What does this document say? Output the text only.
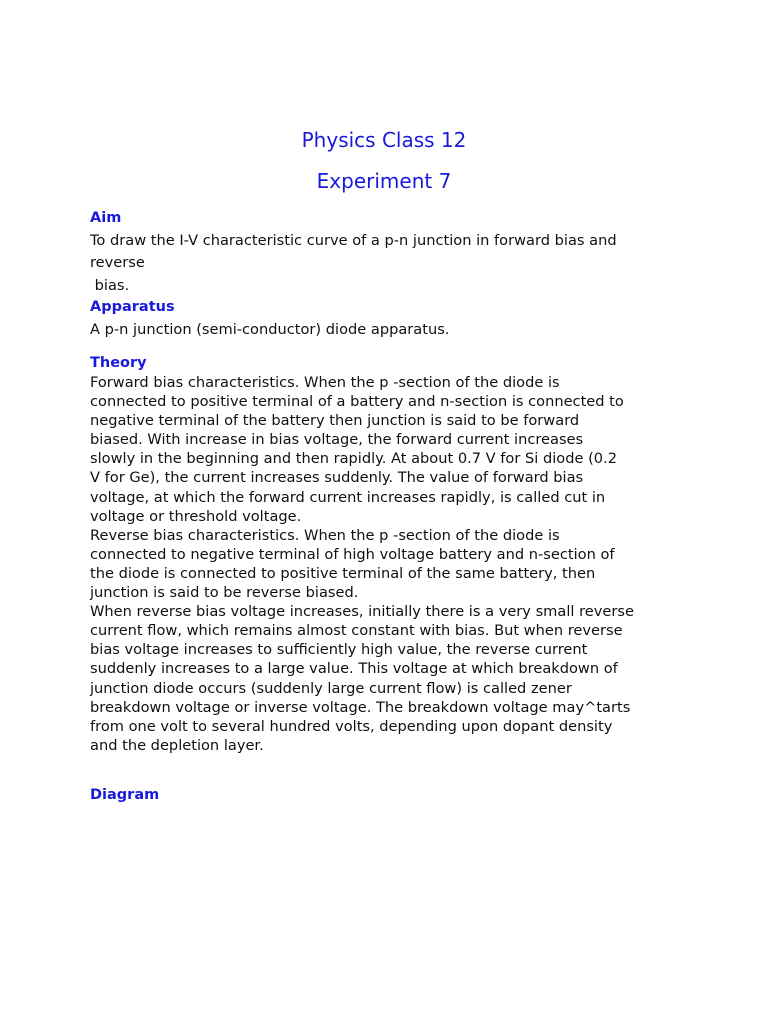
Physics Class 12
Experiment 7
Aim

To draw the I-V characteristic curve of a p-n junction in forward bias and

reverse

bias.

Apparatus

A p-n junction (semi-conductor) diode apparatus.

Theory
Forward bias characteristics. When the p -section of the diode is
connected to positive terminal of a battery and n-section is connected to
negative terminal of the battery then junction is said to be forward
biased. With increase in bias voltage, the forward current increases
slowly in the beginning and then rapidly. At about 0.7 V for Si diode (0.2
V for Ge), the current increases suddenly. The value of forward bias
voltage, at which the forward current increases rapidly, is called cut in
voltage or threshold voltage.
Reverse bias characteristics. When the p -section of the diode is
connected to negative terminal of high voltage battery and n-section of
the diode is connected to positive terminal of the same battery, then
junction is said to be reverse biased.
When reverse bias voltage increases, initially there is a very small reverse
current flow, which remains almost constant with bias. But when reverse
bias voltage increases to sufficiently high value, the reverse current
suddenly increases to a large value. This voltage at which breakdown of
junction diode occurs (suddenly large current flow) is called zener
breakdown voltage or inverse voltage. The breakdown voltage may^tarts
from one volt to several hundred volts, depending upon dopant density
and the depletion layer.
Diagram
